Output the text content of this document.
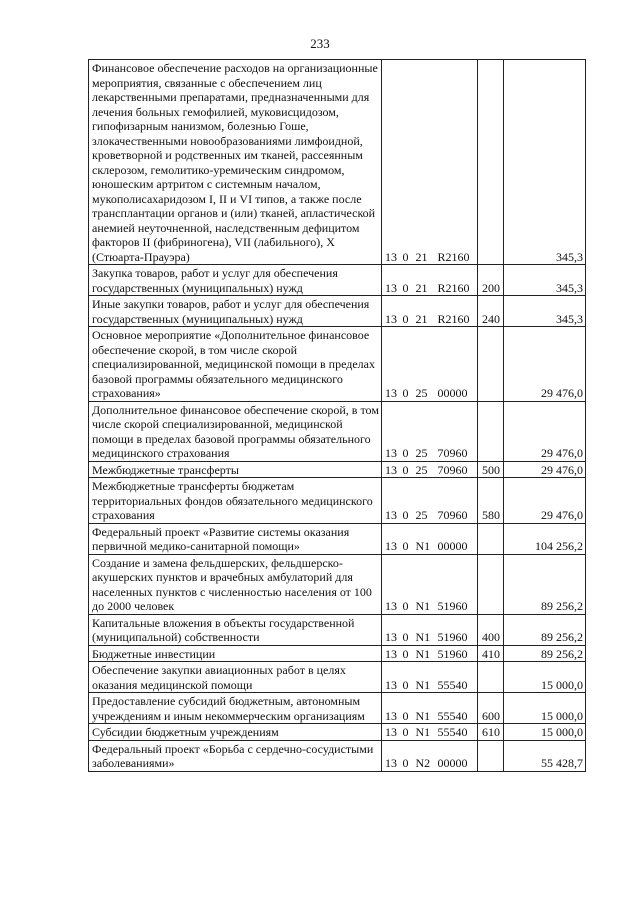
233
Финансовое обеспечение расходов на организационные мероприятия, связанные с обеспечением лиц лекарственными препаратами, предназначенными для лечения больных гемофилией, муковисцидозом, гипофизарным нанизмом, болезнью Гоше, злокачественными новообразованиями лимфоидной, кроветворной и родственных им тканей, рассеянным склерозом, гемолитико-уремическим синдромом, юношеским артритом с системным началом, мукополисахаридозом I, II и VI типов, а также после трансплантации органов и (или) тканей, апластической анемией неуточненной, наследственным дефицитом факторов II (фибриногена), VII (лабильного), X (Стюарта-Прауэра)	13	0	21	R2160		345,3
Закупка товаров, работ и услуг для обеспечения государственных (муниципальных) нужд	13	0	21	R2160	200	345,3
Иные закупки товаров, работ и услуг для обеспечения государственных (муниципальных) нужд	13	0	21	R2160	240	345,3
Основное мероприятие «Дополнительное финансовое обеспечение скорой, в том числе скорой специализированной, медицинской помощи в пределах базовой программы обязательного медицинского страхования»	13	0	25	00000		29 476,0
Дополнительное финансовое обеспечение скорой, в том числе скорой специализированной, медицинской помощи в пределах базовой программы обязательного медицинского страхования	13	0	25	70960		29 476,0
Межбюджетные трансферты	13	0	25	70960	500	29 476,0
Межбюджетные трансферты бюджетам территориальных фондов обязательного медицинского страхования	13	0	25	70960	580	29 476,0
Федеральный проект «Развитие системы оказания первичной медико-санитарной помощи»	13	0	N1	00000		104 256,2
Создание и замена фельдшерских, фельдшерско-акушерских пунктов и врачебных амбулаторий для населенных пунктов с численностью населения от 100 до 2000 человек	13	0	N1	51960		89 256,2
Капитальные вложения в объекты государственной (муниципальной) собственности	13	0	N1	51960	400	89 256,2
Бюджетные инвестиции	13	0	N1	51960	410	89 256,2
Обеспечение закупки авиационных работ в целях оказания медицинской помощи	13	0	N1	55540		15 000,0
Предоставление субсидий бюджетным, автономным учреждениям и иным некоммерческим организациям	13	0	N1	55540	600	15 000,0
Субсидии бюджетным учреждениям	13	0	N1	55540	610	15 000,0
Федеральный проект «Борьба с сердечно-сосудистыми заболеваниями»	13	0	N2	00000		55 428,7
